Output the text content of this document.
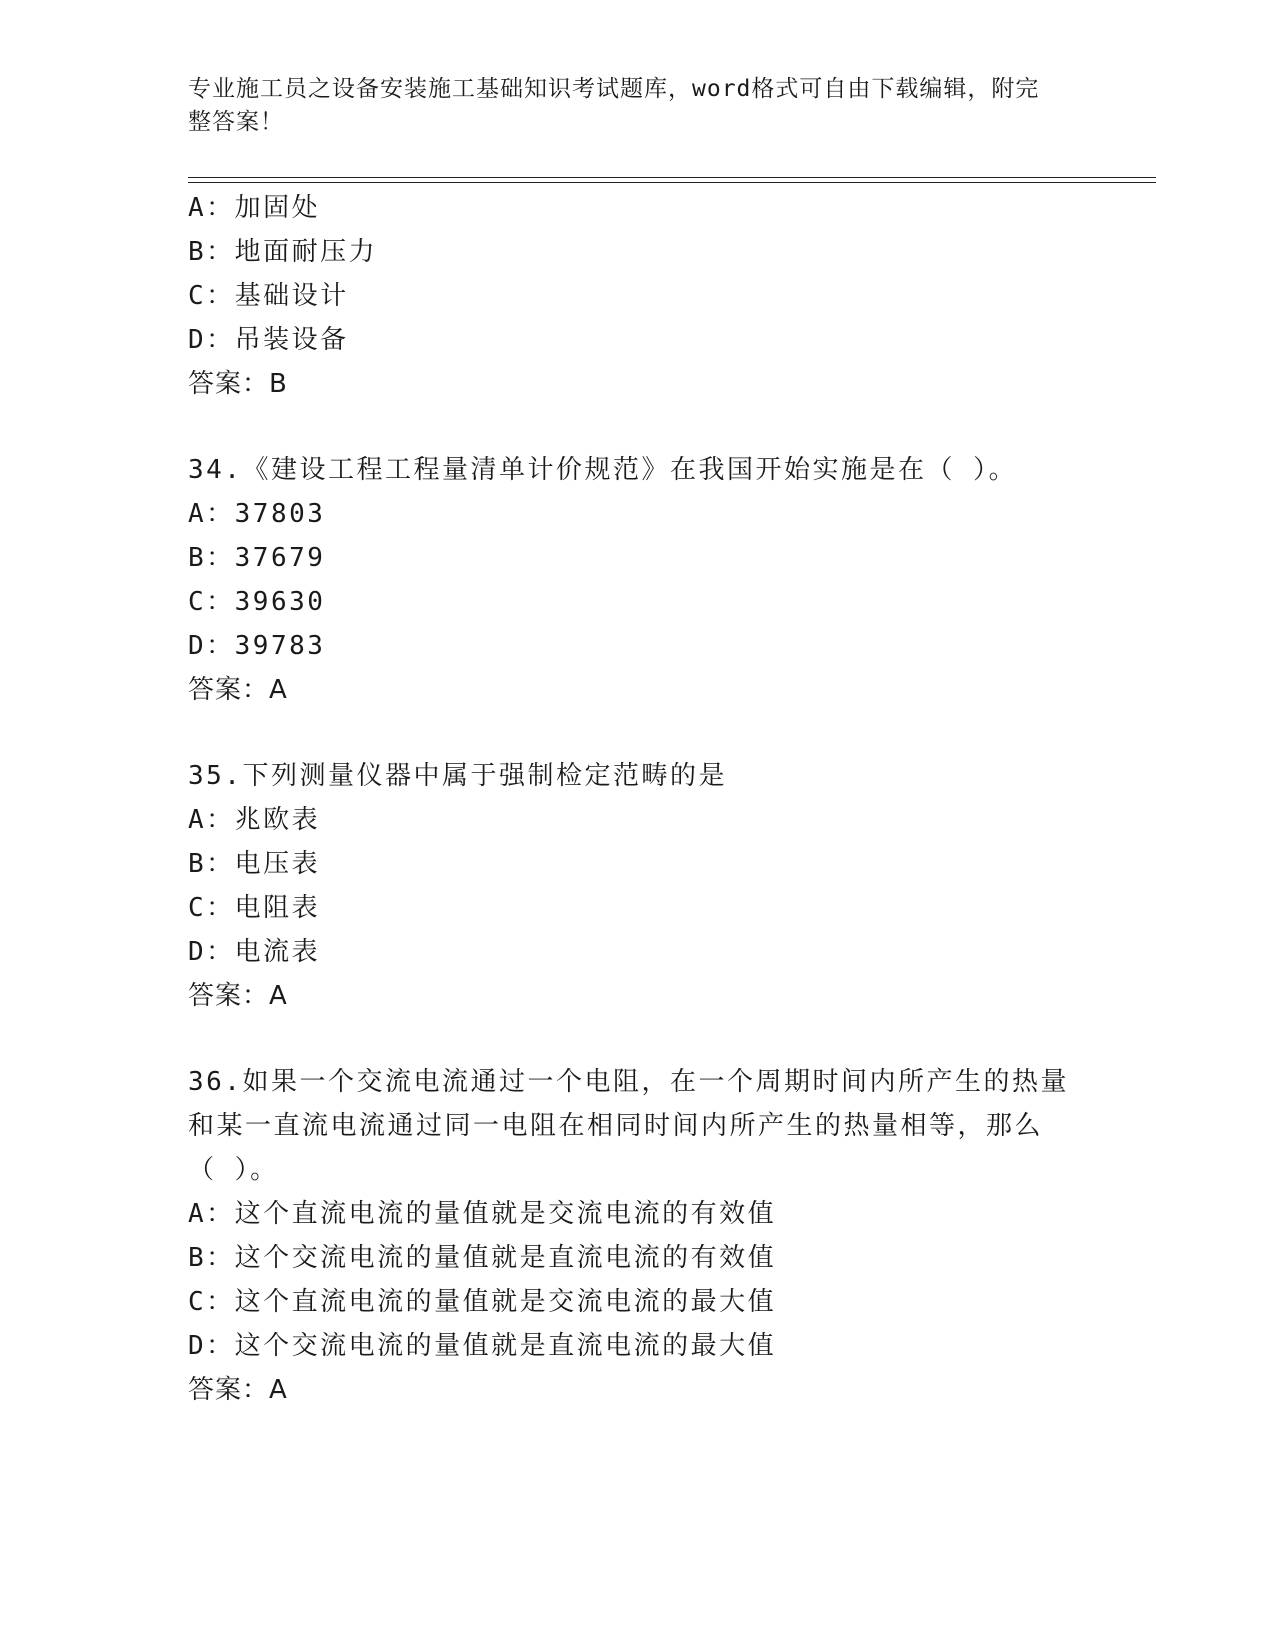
专业施工员之设备安装施工基础知识考试题库，word格式可自由下载编辑，附完
整答案！
A：加固处
B：地面耐压力
C：基础设计
D：吊装设备
答案：B
34.《建设工程工程量清单计价规范》在我国开始实施是在（ ）。
A：37803
B：37679
C：39630
D：39783
答案：A
35.下列测量仪器中属于强制检定范畴的是
A：兆欧表
B：电压表
C：电阻表
D：电流表
答案：A
36.如果一个交流电流通过一个电阻，在一个周期时间内所产生的热量
和某一直流电流通过同一电阻在相同时间内所产生的热量相等，那么
（ ）。
A：这个直流电流的量值就是交流电流的有效值
B：这个交流电流的量值就是直流电流的有效值
C：这个直流电流的量值就是交流电流的最大值
D：这个交流电流的量值就是直流电流的最大值
答案：A
